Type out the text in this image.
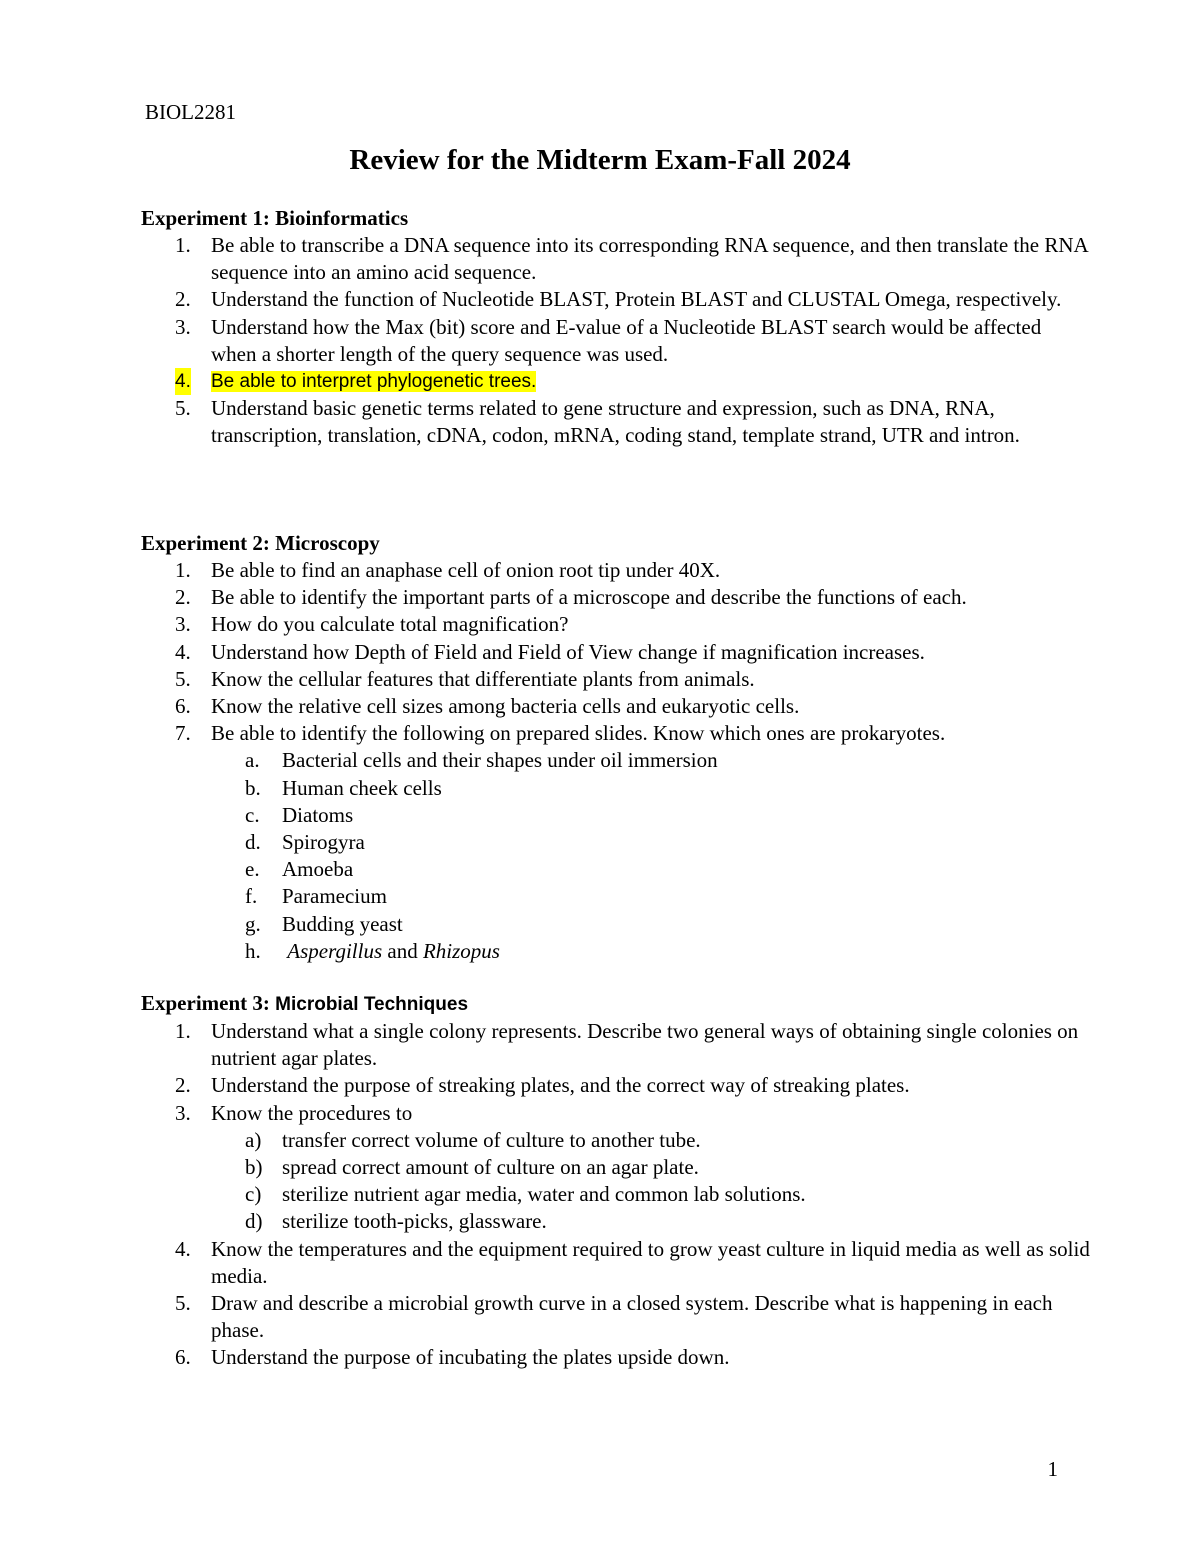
BIOL2281
Review for the Midterm Exam-Fall 2024
Experiment 1: Bioinformatics
1. Be able to transcribe a DNA sequence into its corresponding RNA sequence, and then translate the RNA sequence into an amino acid sequence.
2. Understand the function of Nucleotide BLAST, Protein BLAST and CLUSTAL Omega, respectively.
3. Understand how the Max (bit) score and E-value of a Nucleotide BLAST search would be affected when a shorter length of the query sequence was used.
4. Be able to interpret phylogenetic trees.
5. Understand basic genetic terms related to gene structure and expression, such as DNA, RNA, transcription, translation, cDNA, codon, mRNA, coding stand, template strand, UTR and intron.
Experiment 2: Microscopy
1. Be able to find an anaphase cell of onion root tip under 40X.
2. Be able to identify the important parts of a microscope and describe the functions of each.
3. How do you calculate total magnification?
4. Understand how Depth of Field and Field of View change if magnification increases.
5. Know the cellular features that differentiate plants from animals.
6. Know the relative cell sizes among bacteria cells and eukaryotic cells.
7. Be able to identify the following on prepared slides. Know which ones are prokaryotes.
a. Bacterial cells and their shapes under oil immersion
b. Human cheek cells
c. Diatoms
d. Spirogyra
e. Amoeba
f. Paramecium
g. Budding yeast
h. Aspergillus and Rhizopus
Experiment 3: Microbial Techniques
1. Understand what a single colony represents. Describe two general ways of obtaining single colonies on nutrient agar plates.
2. Understand the purpose of streaking plates, and the correct way of streaking plates.
3. Know the procedures to
a) transfer correct volume of culture to another tube.
b) spread correct amount of culture on an agar plate.
c) sterilize nutrient agar media, water and common lab solutions.
d) sterilize tooth-picks, glassware.
4. Know the temperatures and the equipment required to grow yeast culture in liquid media as well as solid media.
5. Draw and describe a microbial growth curve in a closed system. Describe what is happening in each phase.
6. Understand the purpose of incubating the plates upside down.
1
